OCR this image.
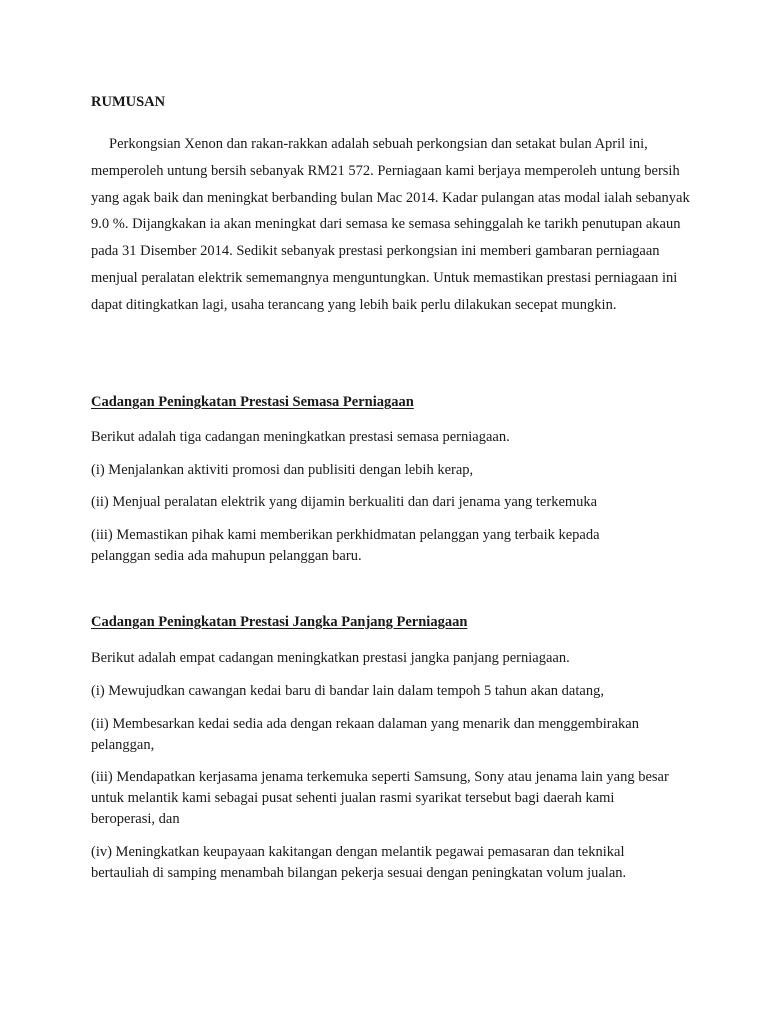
RUMUSAN

Perkongsian Xenon dan rakan-rakkan adalah sebuah perkongsian dan setakat bulan April ini, memperoleh untung bersih sebanyak RM21 572. Perniagaan kami berjaya memperoleh untung bersih yang agak baik dan meningkat berbanding bulan Mac 2014. Kadar pulangan atas modal ialah sebanyak 9.0 %. Dijangkakan ia akan meningkat dari semasa ke semasa sehinggalah ke tarikh penutupan akaun pada 31 Disember 2014. Sedikit sebanyak prestasi perkongsian ini memberi gambaran perniagaan menjual peralatan elektrik sememangnya menguntungkan. Untuk memastikan prestasi perniagaan ini dapat ditingkatkan lagi, usaha terancang yang lebih baik perlu dilakukan secepat mungkin.

Cadangan Peningkatan Prestasi Semasa Perniagaan

Berikut adalah tiga cadangan meningkatkan prestasi semasa perniagaan.

(i) Menjalankan aktiviti promosi dan publisiti dengan lebih kerap,

(ii) Menjual peralatan elektrik yang dijamin berkualiti dan dari jenama yang terkemuka

(iii) Memastikan pihak kami memberikan perkhidmatan pelanggan yang terbaik kepada pelanggan sedia ada mahupun pelanggan baru.

Cadangan Peningkatan Prestasi Jangka Panjang Perniagaan

Berikut adalah empat cadangan meningkatkan prestasi jangka panjang perniagaan.

(i) Mewujudkan cawangan kedai baru di bandar lain dalam tempoh 5 tahun akan datang,

(ii) Membesarkan kedai sedia ada dengan rekaan dalaman yang menarik dan menggembirakan pelanggan,

(iii) Mendapatkan kerjasama jenama terkemuka seperti Samsung, Sony atau jenama lain yang besar untuk melantik kami sebagai pusat sehenti jualan rasmi syarikat tersebut bagi daerah kami beroperasi, dan

(iv) Meningkatkan keupayaan kakitangan dengan melantik pegawai pemasaran dan teknikal bertauliah di samping menambah bilangan pekerja sesuai dengan peningkatan volum jualan.
